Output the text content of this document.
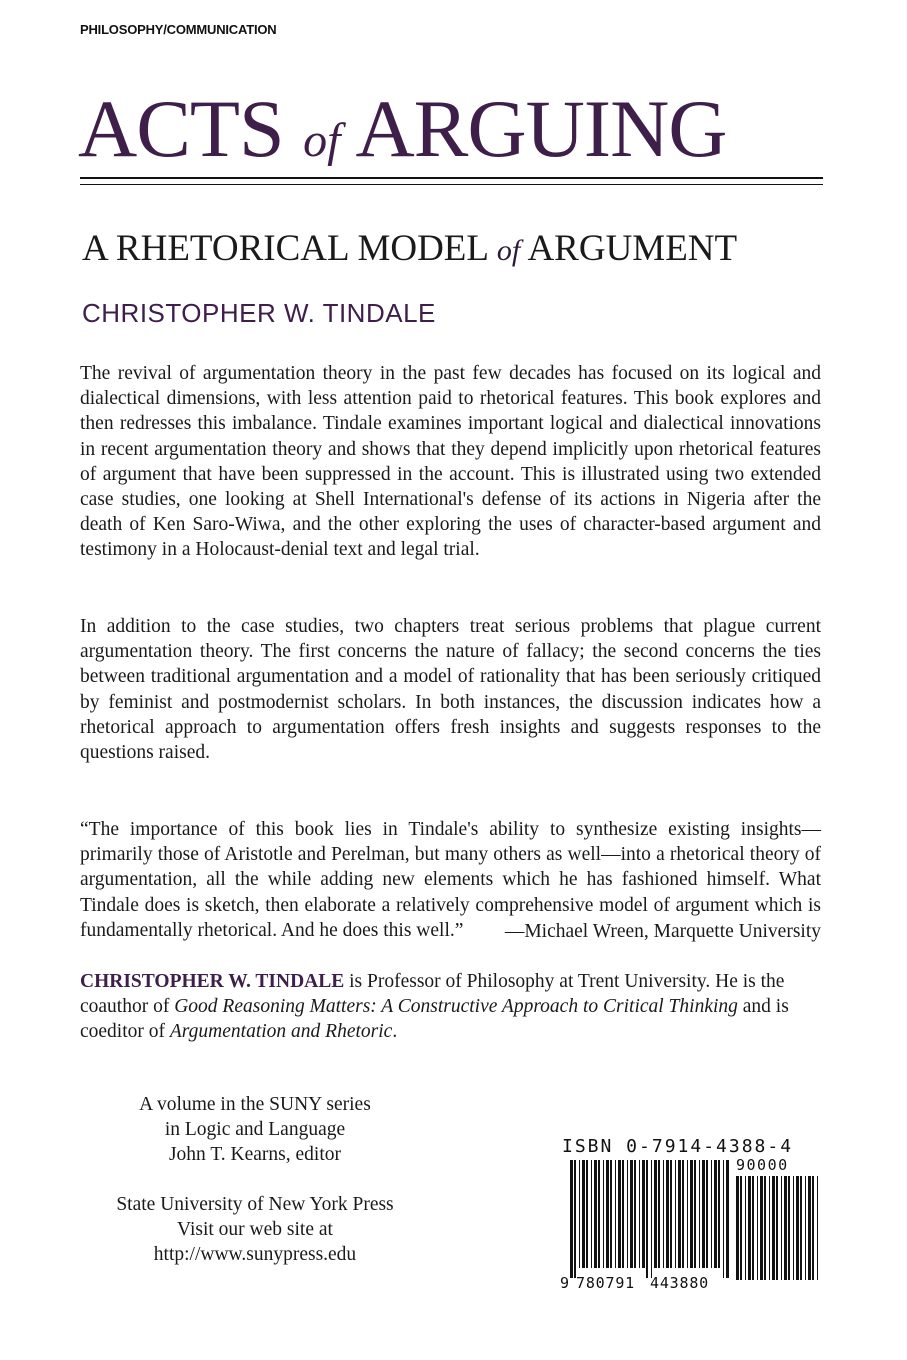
PHILOSOPHY/COMMUNICATION
ACTS of ARGUING
A RHETORICAL MODEL of ARGUMENT
CHRISTOPHER W. TINDALE

The revival of argumentation theory in the past few decades has focused on its logical and dialectical dimensions, with less attention paid to rhetorical features. This book explores and then redresses this imbalance. Tindale examines important logical and dialectical innovations in recent argumentation theory and shows that they depend implicitly upon rhetorical features of argument that have been suppressed in the account. This is illustrated using two extended case studies, one looking at Shell International's defense of its actions in Nigeria after the death of Ken Saro-Wiwa, and the other exploring the uses of character-based argument and testimony in a Holocaust-denial text and legal trial.

In addition to the case studies, two chapters treat serious problems that plague current argumentation theory. The first concerns the nature of fallacy; the second concerns the ties between traditional argumentation and a model of rationality that has been seriously critiqued by feminist and postmodernist scholars. In both instances, the discussion indicates how a rhetorical approach to argumentation offers fresh insights and suggests responses to the questions raised.

“The importance of this book lies in Tindale's ability to synthesize existing insights—primarily those of Aristotle and Perelman, but many others as well—into a rhetorical theory of argumentation, all the while adding new elements which he has fashioned himself. What Tindale does is sketch, then elaborate a relatively comprehensive model of argument which is fundamentally rhetorical. And he does this well.”	—Michael Wreen, Marquette University

CHRISTOPHER W. TINDALE is Professor of Philosophy at Trent University. He is the coauthor of Good Reasoning Matters: A Constructive Approach to Critical Thinking and is coeditor of Argumentation and Rhetoric.

A volume in the SUNY series
in Logic and Language
John T. Kearns, editor
State University of New York Press
Visit our web site at
http://www.sunypress.edu
ISBN 0-7914-4388-4
90000
9 780791 443880
